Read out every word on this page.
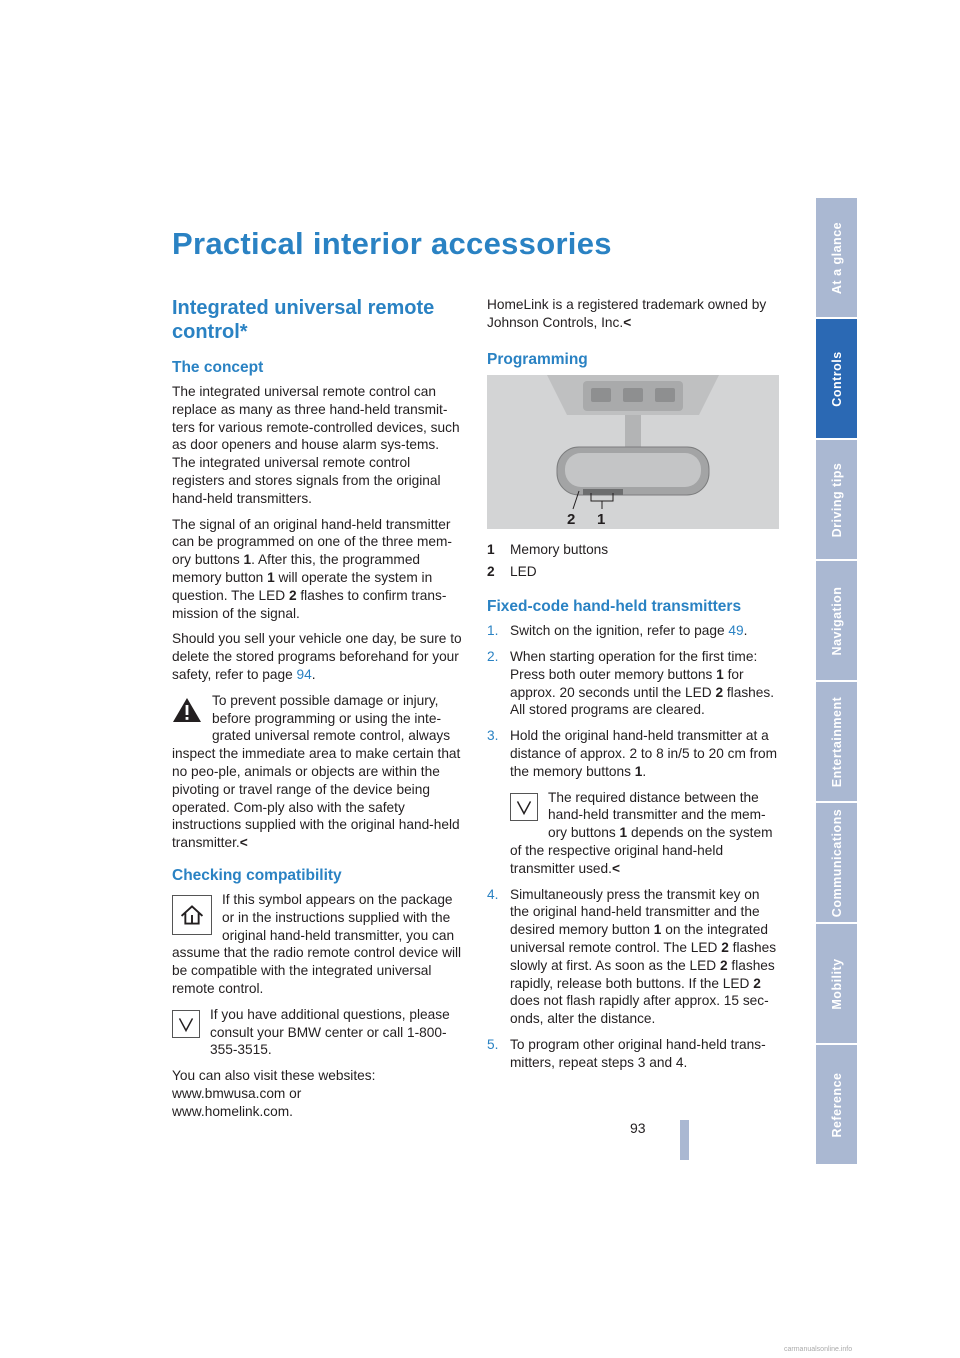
Practical interior accessories
Integrated universal remote control*
The concept

The integrated universal remote control can replace as many as three hand-held transmit-ters for various remote-controlled devices, such as door openers and house alarm sys-tems. The integrated universal remote control registers and stores signals from the original hand-held transmitters.

The signal of an original hand-held transmitter can be programmed on one of the three mem-ory buttons 1. After this, the programmed memory button 1 will operate the system in question. The LED 2 flashes to confirm trans-mission of the signal.

Should you sell your vehicle one day, be sure to delete the stored programs beforehand for your safety, refer to page 94.

To prevent possible damage or injury, before programming or using the inte-grated universal remote control, always inspect the immediate area to make certain that no peo-ple, animals or objects are within the pivoting or travel range of the device being operated. Com-ply also with the safety instructions supplied with the original hand-held transmitter.<
Checking compatibility
If this symbol appears on the package or in the instructions supplied with the original hand-held transmitter, you can assume that the radio remote control device will be compatible with the integrated universal remote control.
If you have additional questions, please consult your BMW center or call 1-800-355-3515.

You can also visit these websites:

www.bmwusa.com or

www.homelink.com.

HomeLink is a registered trademark owned by Johnson Controls, Inc.<

Programming
2 1
1	Memory buttons
2	LED
Fixed-code hand-held transmitters
1. Switch on the ignition, refer to page 49.
2. When starting operation for the first time: Press both outer memory buttons 1 for approx. 20 seconds until the LED 2 flashes. All stored programs are cleared.
3. Hold the original hand-held transmitter at a distance of approx. 2 to 8 in/5 to 20 cm from the memory buttons 1.
The required distance between the hand-held transmitter and the mem-ory buttons 1 depends on the system of the respective original hand-held transmitter used.<
4. Simultaneously press the transmit key on the original hand-held transmitter and the desired memory button 1 on the integrated universal remote control. The LED 2 flashes slowly at first. As soon as the LED 2 flashes rapidly, release both buttons. If the LED 2 does not flash rapidly after approx. 15 sec-onds, alter the distance.
5. To program other original hand-held trans-mitters, repeat steps 3 and 4.
At a glance
Controls
Driving tips
Navigation
Entertainment
Communications
Mobility
Reference
93
carmanualsonline.info
